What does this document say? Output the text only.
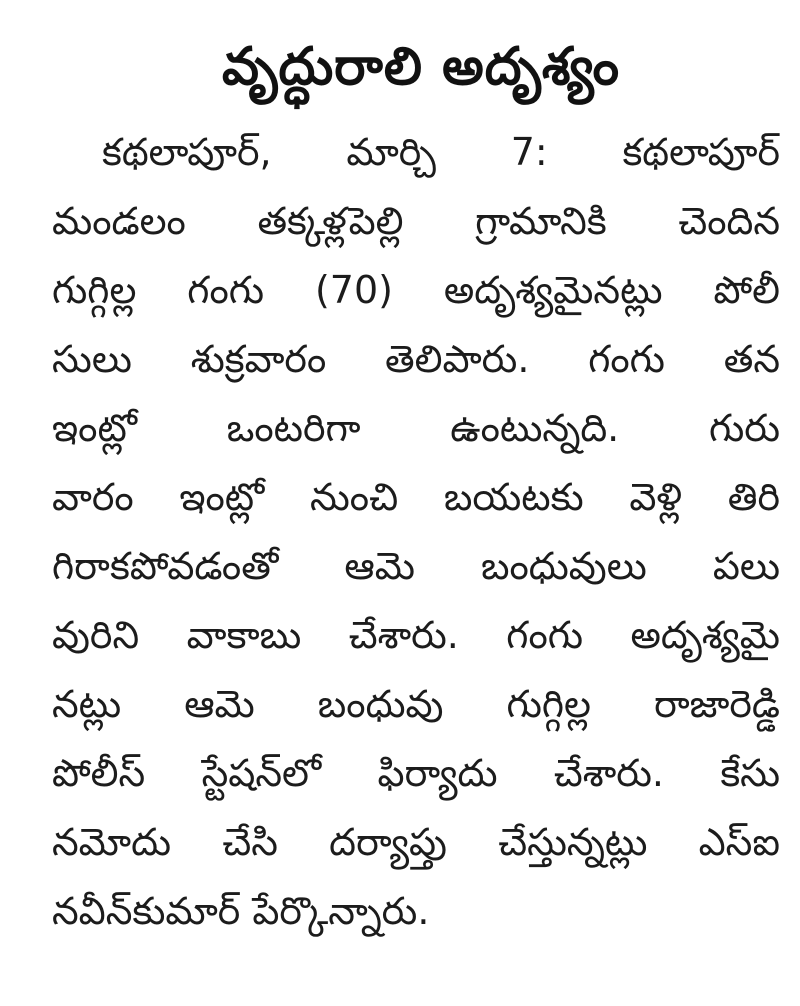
వృద్ధురాలి అదృశ్యం
కథలాపూర్, మార్చి 7: కథలాపూర్
మండలం తక్కళ్లపెల్లి గ్రామానికి చెందిన
గుగ్గిల్ల గంగు (70) అదృశ్యమైనట్లు పోలీ
సులు శుక్రవారం తెలిపారు. గంగు తన
ఇంట్లో ఒంటరిగా ఉంటున్నది. గురు
వారం ఇంట్లో నుంచి బయటకు వెళ్లి తిరి
గిరాకపోవడంతో ఆమె బంధువులు పలు
వురిని వాకాబు చేశారు. గంగు అదృశ్యమై
నట్లు ఆమె బంధువు గుగ్గిల్ల రాజారెడ్డి
పోలీస్ స్టేషన్‌లో ఫిర్యాదు చేశారు. కేసు
నమోదు చేసి దర్యాప్తు చేస్తున్నట్లు ఎస్ఐ
నవీన్‌కుమార్ పేర్కొన్నారు.
